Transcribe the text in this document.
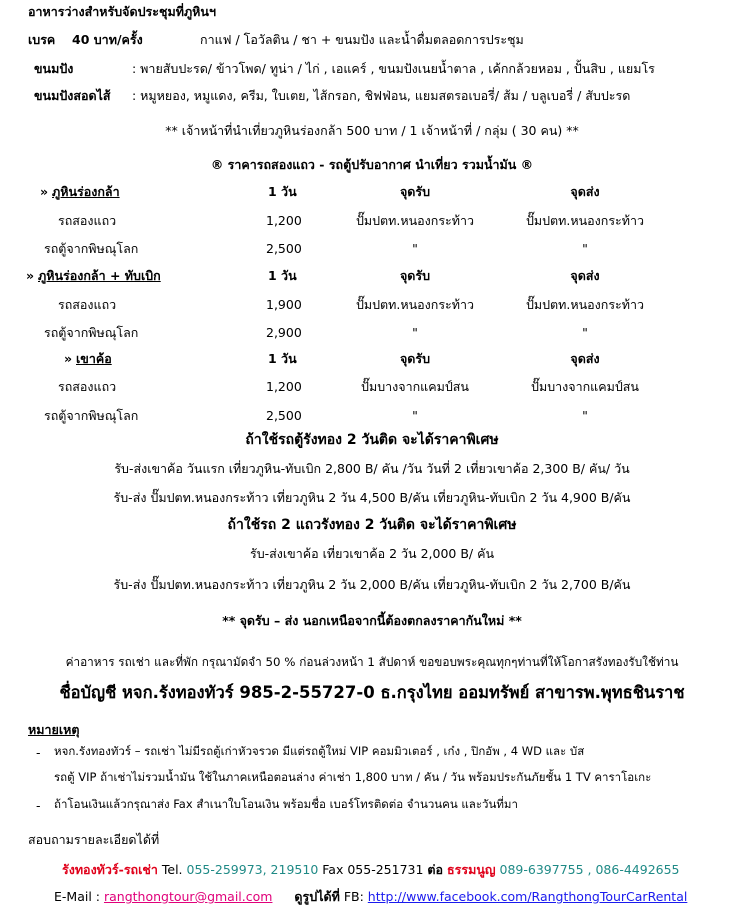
อาหารว่างสำหรับจัดประชุมที่ภูหินฯ
เบรค 40 บาท/ครั้ง	กาแฟ / โอวัลติน / ชา + ขนมปัง และน้ำดื่มตลอดการประชุม
ขนมปัง	: พายสับปะรด/ ข้าวโพด/ ทูน่า / ไก่ , เอแคร์ , ขนมปังเนยน้ำตาล , เค้กกล้วยหอม , ปั้นสิบ , แยมโร
ขนมปังสอดไส้ : หมูหยอง, หมูแดง, ครีม, ใบเตย, ไส้กรอก, ชิฟฟ่อน, แยมสตรอเบอรี่/ ส้ม / บลูเบอรี่ / สับปะรด
** เจ้าหน้าที่นำเที่ยวภูหินร่องกล้า 500 บาท / 1 เจ้าหน้าที่ / กลุ่ม ( 30 คน) **
® ราคารถสองแถว - รถตู้ปรับอากาศ นำเที่ยว รวมน้ำมัน ®
» ภูหินร่องกล้า	1 วัน	จุดรับ	จุดส่ง
รถสองแถว	1,200	ปั๊มปตท.หนองกระท้าว	ปั๊มปตท.หนองกระท้าว
รถตู้จากพิษณุโลก	2,500	"	"
» ภูหินร่องกล้า + ทับเบิก	1 วัน	จุดรับ	จุดส่ง
รถสองแถว	1,900	ปั๊มปตท.หนองกระท้าว	ปั๊มปตท.หนองกระท้าว
รถตู้จากพิษณุโลก	2,900	"	"
» เขาค้อ	1 วัน	จุดรับ	จุดส่ง
รถสองแถว	1,200	ปั๊มบางจากแคมป์สน	ปั๊มบางจากแคมป์สน
รถตู้จากพิษณุโลก	2,500	"	"
ถ้าใช้รถตู้รังทอง 2 วันติด จะได้ราคาพิเศษ
รับ-ส่งเขาค้อ วันแรก เที่ยวภูหิน-ทับเบิก 2,800 B/ คัน /วัน วันที่ 2 เที่ยวเขาค้อ 2,300 B/ คัน/ วัน
รับ-ส่ง ปั๊มปตท.หนองกระท้าว เที่ยวภูหิน 2 วัน 4,500 B/คัน เที่ยวภูหิน-ทับเบิก 2 วัน 4,900 B/คัน
ถ้าใช้รถ 2 แถวรังทอง 2 วันติด จะได้ราคาพิเศษ
รับ-ส่งเขาค้อ เที่ยวเขาค้อ 2 วัน 2,000 B/ คัน
รับ-ส่ง ปั๊มปตท.หนองกระท้าว เที่ยวภูหิน 2 วัน 2,000 B/คัน เที่ยวภูหิน-ทับเบิก 2 วัน 2,700 B/คัน
** จุดรับ – ส่ง นอกเหนือจากนี้ต้องตกลงราคากันใหม่ **
ค่าอาหาร รถเช่า และที่พัก กรุณามัดจำ 50 % ก่อนล่วงหน้า 1 สัปดาห์ ขอขอบพระคุณทุกๆท่านที่ให้โอกาสรังทองรับใช้ท่าน
ชื่อบัญชี หจก.รังทองทัวร์ 985-2-55727-0 ธ.กรุงไทย ออมทรัพย์ สาขารพ.พุทธชินราช
หมายเหตุ
- หจก.รังทองทัวร์ – รถเช่า ไม่มีรถตู้เก่าหัวจรวด มีแต่รถตู้ใหม่ VIP คอมมิวเตอร์ , เก๋ง , ปิกอัพ , 4 WD และ บัส
รถตู้ VIP ถ้าเช่าไม่รวมน้ำมัน ใช้ในภาคเหนือตอนล่าง ค่าเช่า 1,800 บาท / คัน / วัน พร้อมประกันภัยชั้น 1 TV คาราโอเกะ
- ถ้าโอนเงินแล้วกรุณาส่ง Fax สำเนาใบโอนเงิน พร้อมชื่อ เบอร์โทรติดต่อ จำนวนคน และวันที่มา
สอบถามรายละเอียดได้ที่
รังทองทัวร์-รถเช่า Tel. 055-259973, 219510 Fax 055-251731 ต่อ ธรรมนูญ 089-6397755 , 086-4492655
E-Mail : rangthongtour@gmail.com ดูรูปได้ที่ FB: http://www.facebook.com/RangthongTourCarRental
